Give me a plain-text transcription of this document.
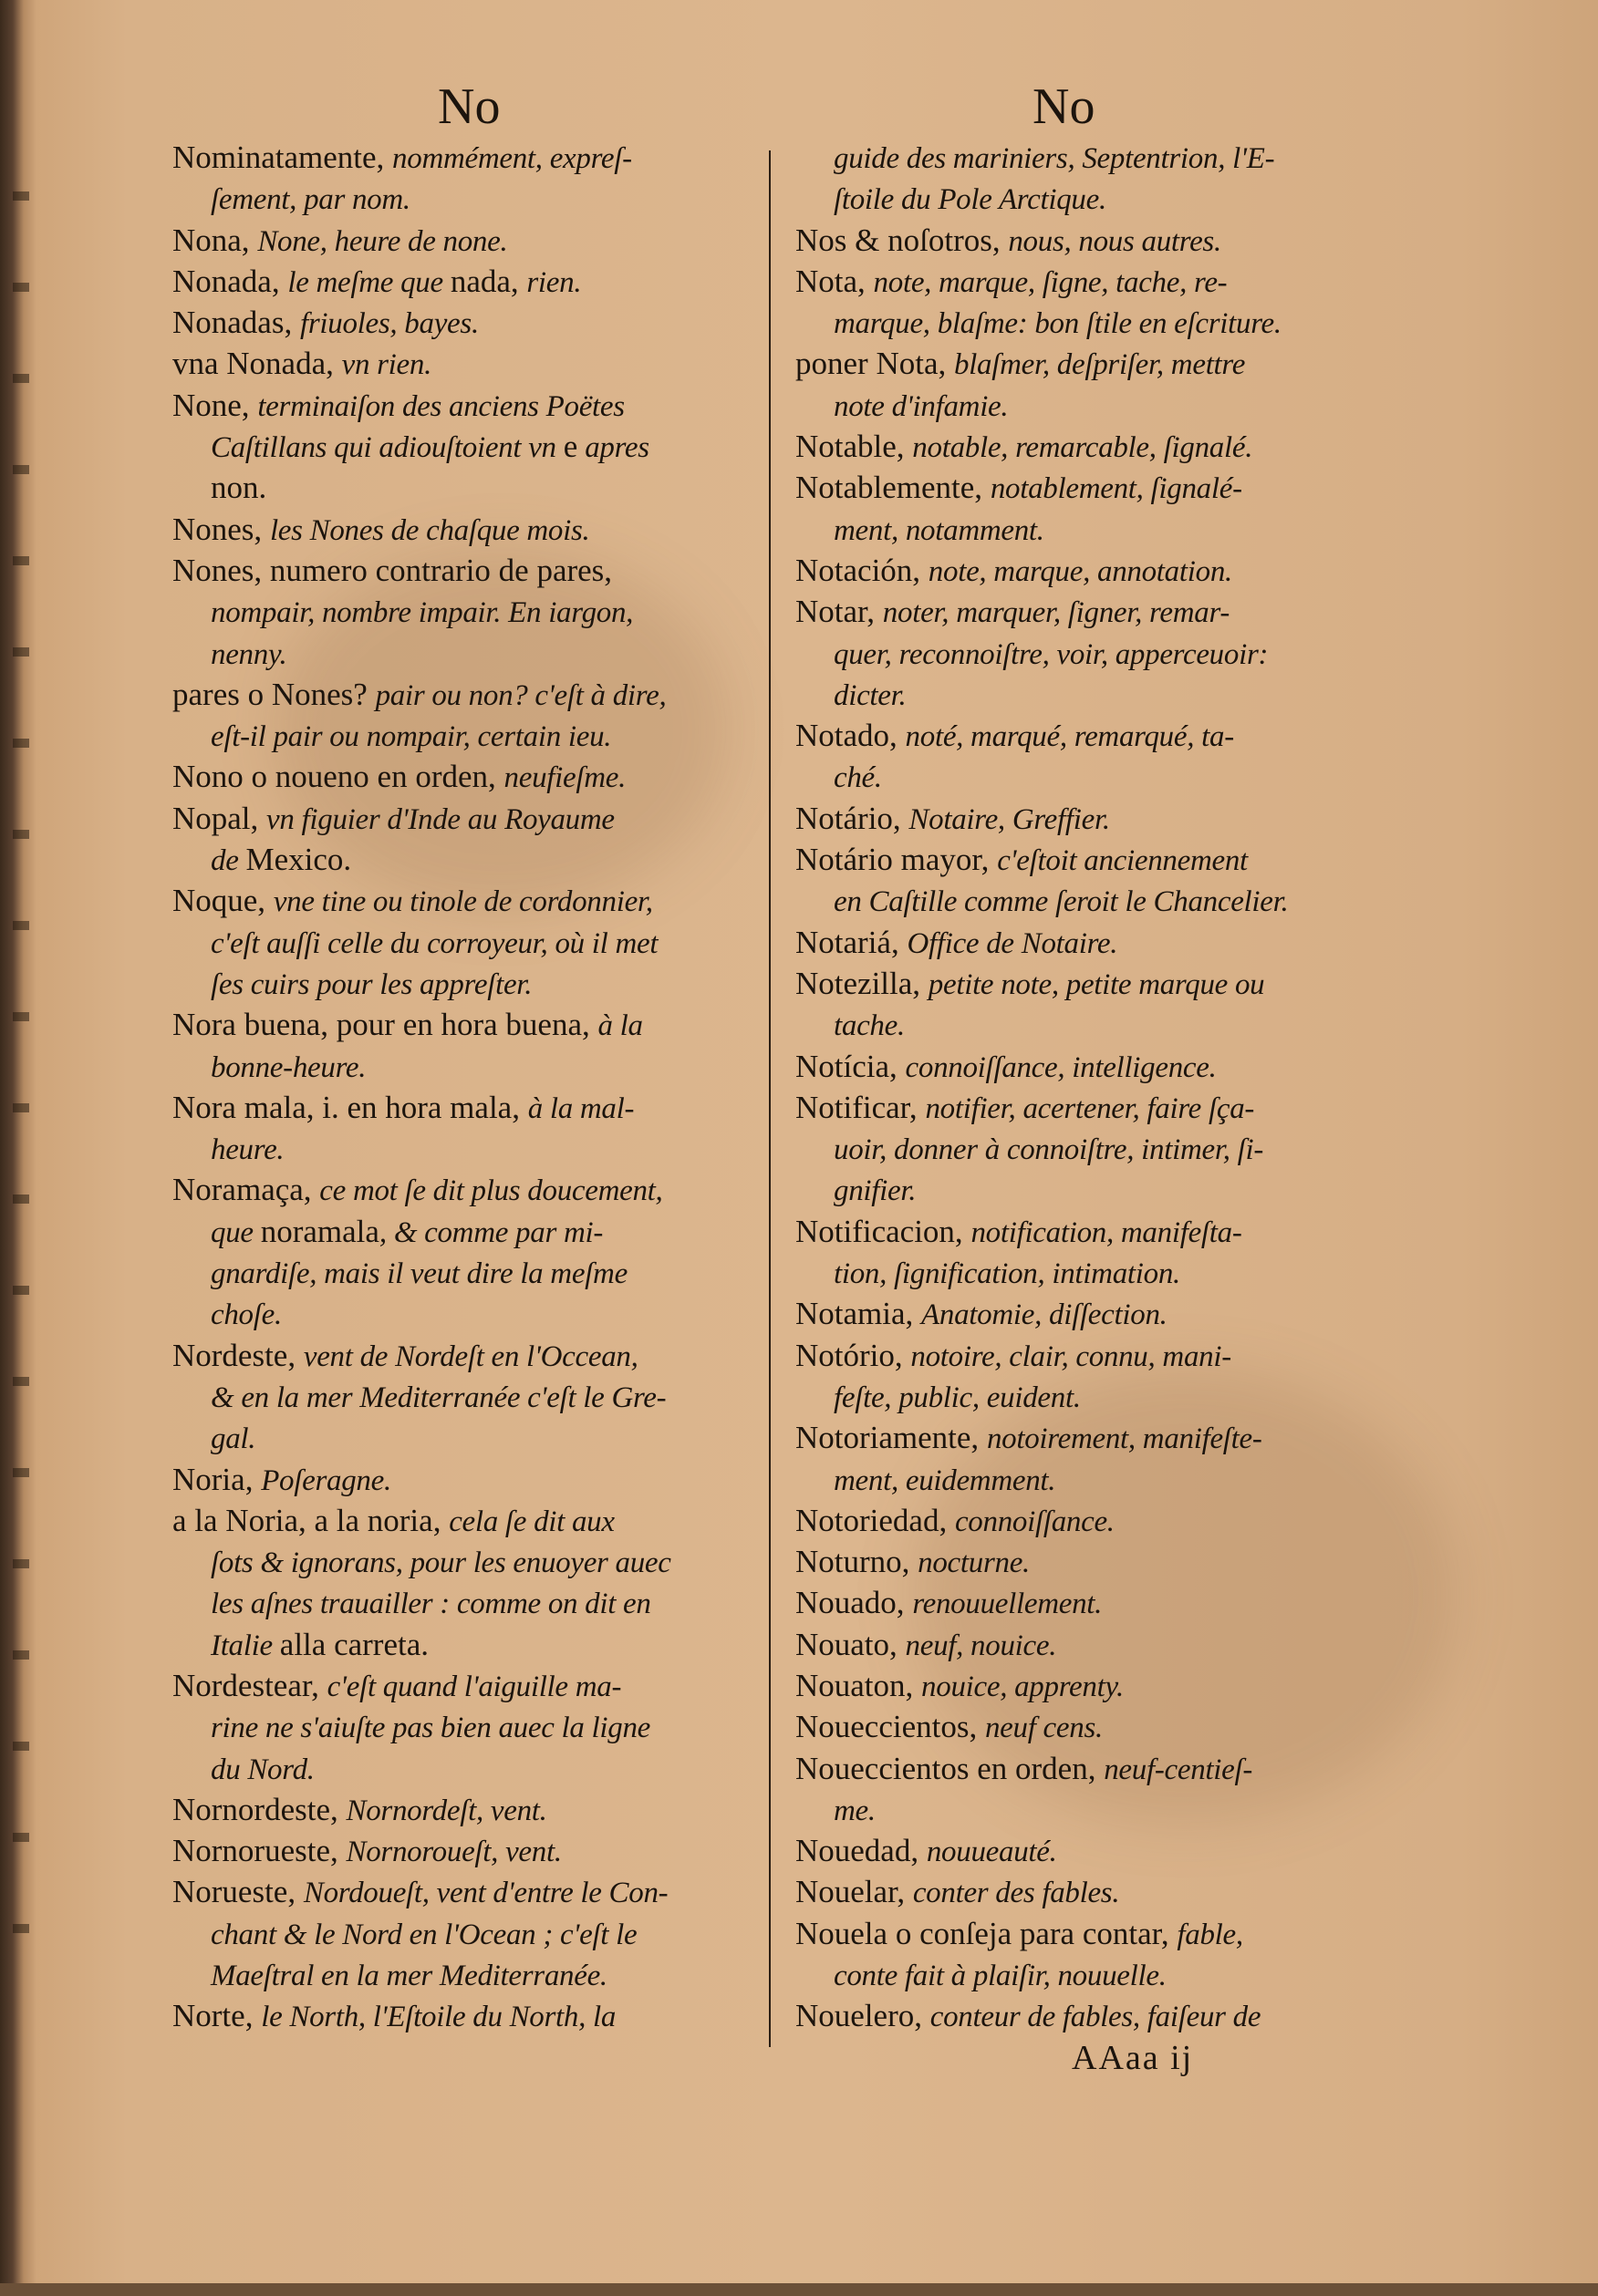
No	No
Nominatamente, nommément, expreſ-
ſement, par nom.
Nona, None, heure de none.
Nonada, le meſme que nada, rien.
Nonadas, friuoles, bayes.
vna Nonada, vn rien.
None, terminaiſon des anciens Poëtes
Caſtillans qui adiouſtoient vn e apres
non.
Nones, les Nones de chaſque mois.
Nones, numero contrario de pares,
nompair, nombre impair. En iargon,
nenny.
pares o Nones? pair ou non? c'eſt à dire,
eſt-il pair ou nompair, certain ieu.
Nono o noueno en orden, neufieſme.
Nopal, vn figuier d'Inde au Royaume
de Mexico.
Noque, vne tine ou tinole de cordonnier,
c'eſt auſſi celle du corroyeur, où il met
ſes cuirs pour les appreſter.
Nora buena, pour en hora buena, à la
bonne-heure.
Nora mala, i. en hora mala, à la mal-
heure.
Noramaça, ce mot ſe dit plus doucement,
que noramala, & comme par mi-
gnardiſe, mais il veut dire la meſme
choſe.
Nordeste, vent de Nordeſt en l'Occean,
& en la mer Mediterranée c'eſt le Gre-
gal.
Noria, Poſeragne.
a la Noria, a la noria, cela ſe dit aux
ſots & ignorans, pour les enuoyer auec
les aſnes trauailler : comme on dit en
Italie alla carreta.
Nordestear, c'eſt quand l'aiguille ma-
rine ne s'aiuſte pas bien auec la ligne
du Nord.
Nornordeste, Nornordeſt, vent.
Nornorueste, Nornoroueſt, vent.
Norueste, Nordoueſt, vent d'entre le Con-
chant & le Nord en l'Ocean ; c'eſt le
Maeſtral en la mer Mediterranée.
Norte, le North, l'Eſtoile du North, la
guide des mariniers, Septentrion, l'E-
ſtoile du Pole Arctique.
Nos & noſotros, nous, nous autres.
Nota, note, marque, ſigne, tache, re-
marque, blaſme: bon ſtile en eſcriture.
poner Nota, blaſmer, deſpriſer, mettre
note d'infamie.
Notable, notable, remarcable, ſignalé.
Notablemente, notablement, ſignalé-
ment, notamment.
Notación, note, marque, annotation.
Notar, noter, marquer, ſigner, remar-
quer, reconnoiſtre, voir, apperceuoir:
dicter.
Notado, noté, marqué, remarqué, ta-
ché.
Notário, Notaire, Greffier.
Notário mayor, c'eſtoit anciennement
en Caſtille comme ſeroit le Chancelier.
Notariá, Office de Notaire.
Notezilla, petite note, petite marque ou
tache.
Notícia, connoiſſance, intelligence.
Notificar, notifier, acertener, faire ſça-
uoir, donner à connoiſtre, intimer, ſi-
gnifier.
Notificacion, notification, manifeſta-
tion, ſignification, intimation.
Notamia, Anatomie, diſſection.
Notório, notoire, clair, connu, mani-
feſte, public, euident.
Notoriamente, notoirement, manifeſte-
ment, euidemment.
Notoriedad, connoiſſance.
Noturno, nocturne.
Nouado, renouuellement.
Nouato, neuf, nouice.
Nouaton, nouice, apprenty.
Noueccientos, neuf cens.
Noueccientos en orden, neuf-centieſ-
me.
Nouedad, nouueauté.
Nouelar, conter des fables.
Nouela o conſeja para contar, fable,
conte fait à plaiſir, nouuelle.
Nouelero, conteur de fables, faiſeur de
AAaa ij
